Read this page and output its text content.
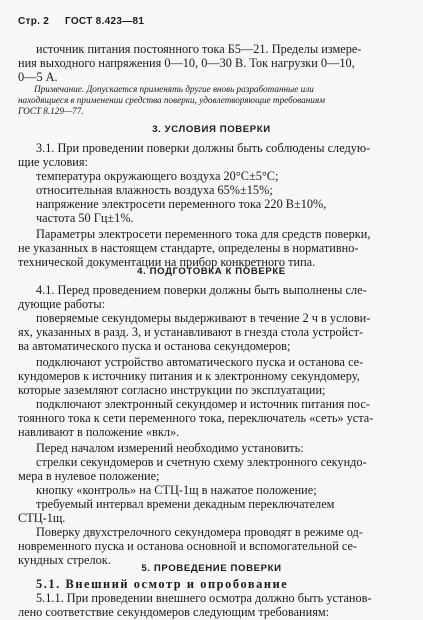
Стр. 2 ГОСТ 8.423—81
источник питания постоянного тока Б5—21. Пределы измере-
ния выходного напряжения 0—10, 0—30 В. Ток нагрузки 0—10,
0—5 А.
Примечание. Допускается применять другие вновь разработанные или
находящиеся в применении средства поверки, удовлетворяющие требованиям
ГОСТ 8.129—77.
3. УСЛОВИЯ ПОВЕРКИ
3.1. При проведении поверки должны быть соблюдены следую-
щие условия:
температура окружающего воздуха 20°С±5°С;
относительная влажность воздуха 65%±15%;
напряжение электросети переменного тока 220 В±10%,
частота 50 Гц±1%.
Параметры электросети переменного тока для средств поверки,
не указанных в настоящем стандарте, определены в нормативно-
технической документации на прибор конкретного типа.
4. ПОДГОТОВКА К ПОВЕРКЕ
4.1. Перед проведением поверки должны быть выполнены сле-
дующие работы:
поверяемые секундомеры выдерживают в течение 2 ч в услови-
ях, указанных в разд. 3, и устанавливают в гнезда стола устройст-
ва автоматического пуска и останова секундомеров;
подключают устройство автоматического пуска и останова се-
кундомеров к источнику питания и к электронному секундомеру,
которые заземляют согласно инструкции по эксплуатации;
подключают электронный секундомер и источник питания пос-
тоянного тока к сети переменного тока, переключатель «сеть» уста-
навливают в положение «вкл».
Перед началом измерений необходимо установить:
стрелки секундомеров и счетную схему электронного секундо-
мера в нулевое положение;
кнопку «контроль» на СТЦ-1щ в нажатое положение;
требуемый интервал времени декадным переключателем
СТЦ-1щ.
Поверку двухстрелочного секундомера проводят в режиме од-
новременного пуска и останова основной и вспомогательной се-
кундных стрелок.
5. ПРОВЕДЕНИЕ ПОВЕРКИ
5.1. Внешний осмотр и опробование
5.1.1. При проведении внешнего осмотра должно быть установ-
лено соответствие секундомеров следующим требованиям:
